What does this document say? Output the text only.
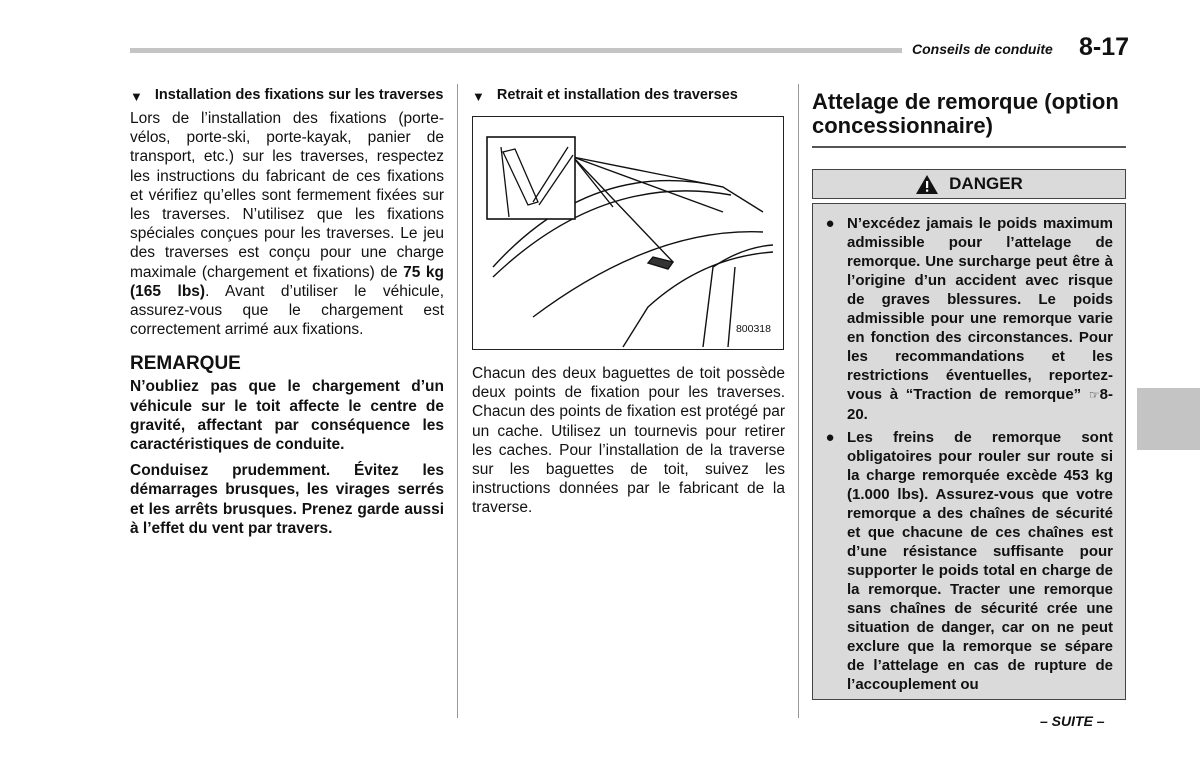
Conseils de conduite 8-17
▼ Installation des fixations sur les traverses

Lors de l’installation des fixations (porte-vélos, porte-ski, porte-kayak, panier de transport, etc.) sur les traverses, respectez les instructions du fabricant de ces fixations et vérifiez qu’elles sont fermement fixées sur les traverses. N’utilisez que les fixations spéciales conçues pour les traverses. Le jeu des traverses est conçu pour une charge maximale (chargement et fixations) de 75 kg (165 lbs). Avant d’utiliser le véhicule, assurez-vous que le chargement est correctement arrimé aux fixations.

REMARQUE

N’oubliez pas que le chargement d’un véhicule sur le toit affecte le centre de gravité, affectant par conséquence les caractéristiques de conduite.

Conduisez prudemment. Évitez les démarrages brusques, les virages serrés et les arrêts brusques. Prenez garde aussi à l’effet du vent par travers.

▼ Retrait et installation des traverses
800318

Chacun des deux baguettes de toit possède deux points de fixation pour les traverses. Chacun des points de fixation est protégé par un cache. Utilisez un tournevis pour retirer les caches. Pour l’installation de la traverse sur les baguettes de toit, suivez les instructions données par le fabricant de la traverse.

Attelage de remorque (option concessionnaire)
DANGER
● N’excédez jamais le poids maximum admissible pour l’attelage de remorque. Une surcharge peut être à l’origine d’un accident avec risque de graves blessures. Le poids admissible pour une remorque varie en fonction des circonstances. Pour les recommandations et les restrictions éventuelles, reportez-vous à “Traction de remorque” ☞8-20.
● Les freins de remorque sont obligatoires pour rouler sur route si la charge remorquée excède 453 kg (1.000 lbs). Assurez-vous que votre remorque a des chaînes de sécurité et que chacune de ces chaînes est d’une résistance suffisante pour supporter le poids total en charge de la remorque. Tracter une remorque sans chaînes de sécurité crée une situation de danger, car on ne peut exclure que la remorque se sépare de l’attelage en cas de rupture de l’accouplement ou
– SUITE –
